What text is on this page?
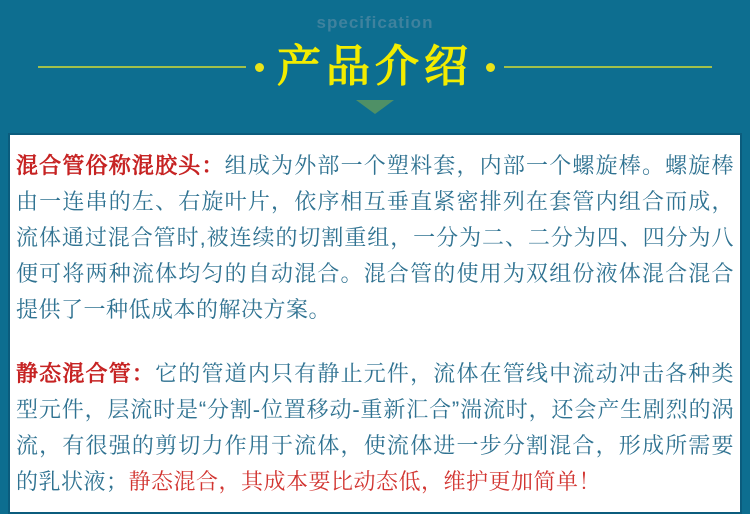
specification
产品介绍

混合管俗称混胶头：组成为外部一个塑料套，内部一个螺旋棒。螺旋棒由一连串的左、右旋叶片，依序相互垂直紧密排列在套管内组合而成，流体通过混合管时,被连续的切割重组，一分为二、二分为四、四分为八 便可将两种流体均匀的自动混合。混合管的使用为双组份液体混合混合提供了一种低成本的解决方案。

静态混合管：它的管道内只有静止元件，流体在管线中流动冲击各种类型元件，层流时是“分割-位置移动-重新汇合”湍流时，还会产生剧烈的涡流，有很强的剪切力作用于流体，使流体进一步分割混合，形成所需要的乳状液；静态混合，其成本要比动态低，维护更加简单！
